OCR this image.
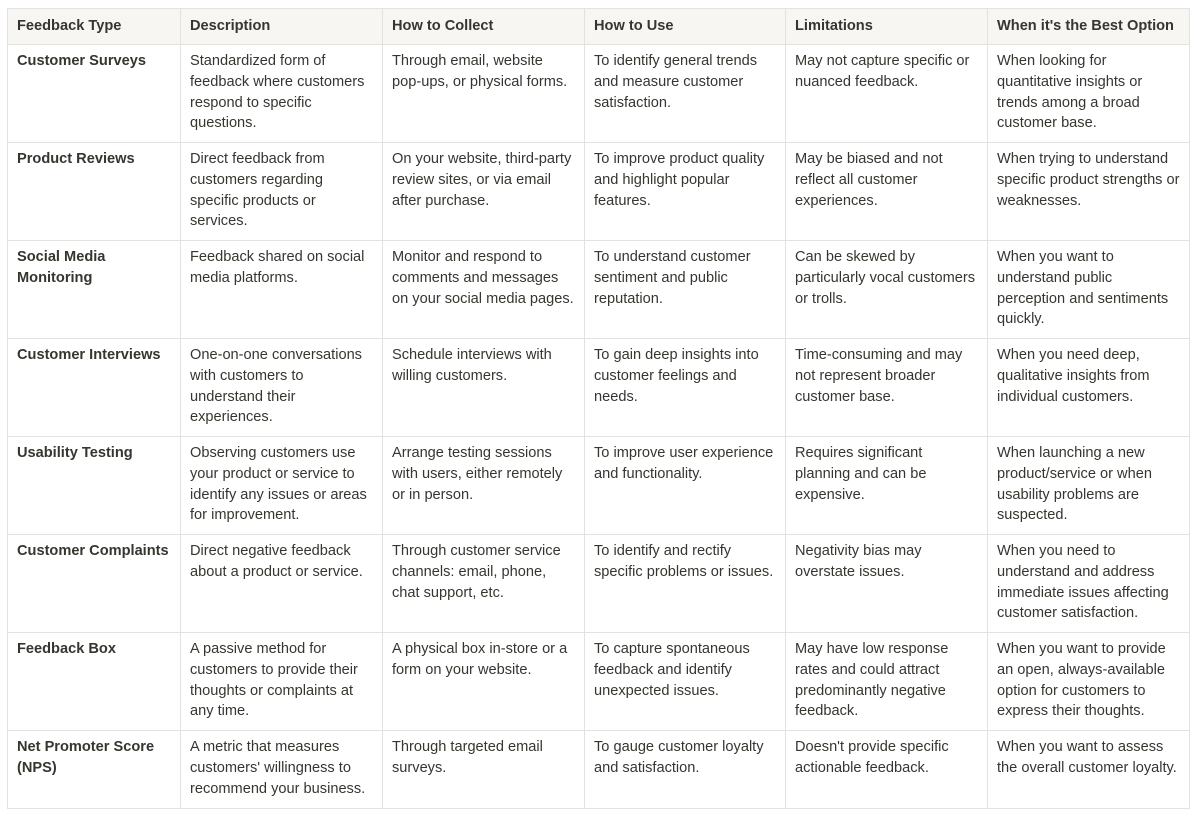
Feedback Type	Description	How to Collect	How to Use	Limitations	When it's the Best Option
Customer Surveys	Standardized form of feedback where customers respond to specific questions.	Through email, website pop-ups, or physical forms.	To identify general trends and measure customer satisfaction.	May not capture specific or nuanced feedback.	When looking for quantitative insights or trends among a broad customer base.
Product Reviews	Direct feedback from customers regarding specific products or services.	On your website, third-party review sites, or via email after purchase.	To improve product quality and highlight popular features.	May be biased and not reflect all customer experiences.	When trying to understand specific product strengths or weaknesses.
Social Media Monitoring	Feedback shared on social media platforms.	Monitor and respond to comments and messages on your social media pages.	To understand customer sentiment and public reputation.	Can be skewed by particularly vocal customers or trolls.	When you want to understand public perception and sentiments quickly.
Customer Interviews	One-on-one conversations with customers to understand their experiences.	Schedule interviews with willing customers.	To gain deep insights into customer feelings and needs.	Time-consuming and may not represent broader customer base.	When you need deep, qualitative insights from individual customers.
Usability Testing	Observing customers use your product or service to identify any issues or areas for improvement.	Arrange testing sessions with users, either remotely or in person.	To improve user experience and functionality.	Requires significant planning and can be expensive.	When launching a new product/service or when usability problems are suspected.
Customer Complaints	Direct negative feedback about a product or service.	Through customer service channels: email, phone, chat support, etc.	To identify and rectify specific problems or issues.	Negativity bias may overstate issues.	When you need to understand and address immediate issues affecting customer satisfaction.
Feedback Box	A passive method for customers to provide their thoughts or complaints at any time.	A physical box in-store or a form on your website.	To capture spontaneous feedback and identify unexpected issues.	May have low response rates and could attract predominantly negative feedback.	When you want to provide an open, always-available option for customers to express their thoughts.
Net Promoter Score (NPS)	A metric that measures customers' willingness to recommend your business.	Through targeted email surveys.	To gauge customer loyalty and satisfaction.	Doesn't provide specific actionable feedback.	When you want to assess the overall customer loyalty.
